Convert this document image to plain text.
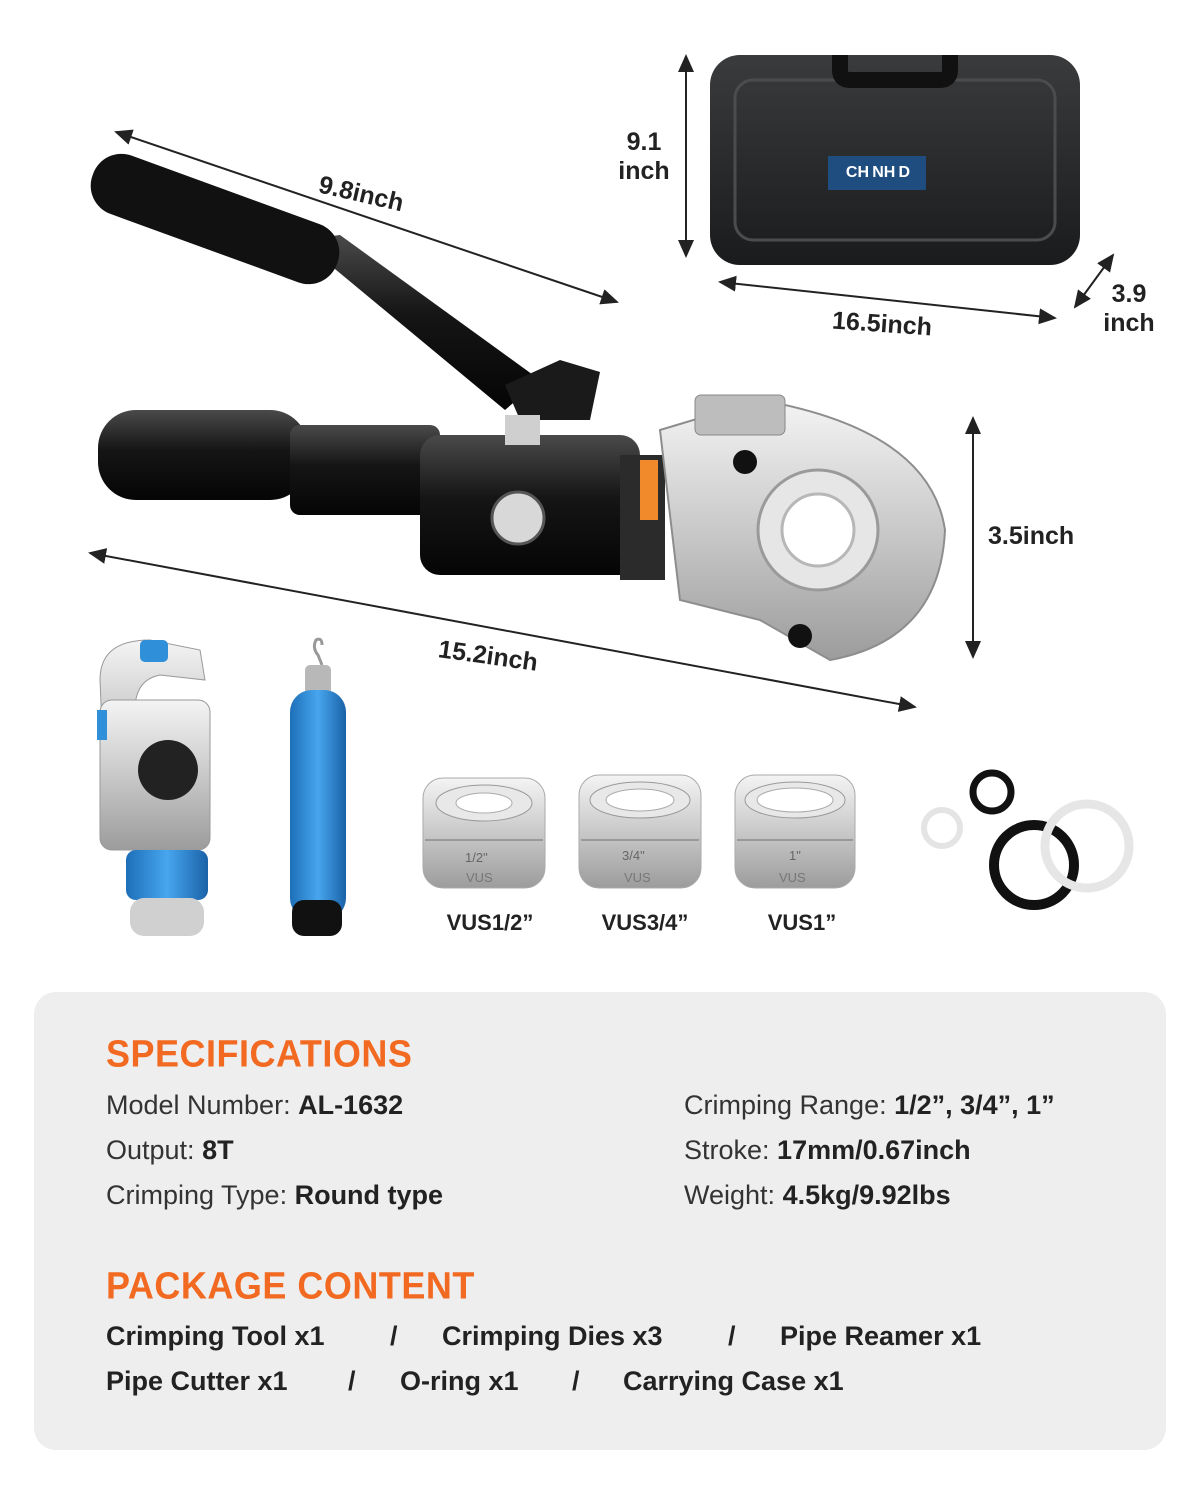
9.8inch
9.1
inch
16.5inch
3.9
inch
15.2inch
3.5inch
CH NH D
1/2"
VUS
3/4"
VUS
1"
VUS
VUS1/2”	VUS3/4”	VUS1”
SPECIFICATIONS
Model Number: AL-1632
Output: 8T
Crimping Type: Round type
Crimping Range: 1/2”, 3/4”, 1”
Stroke: 17mm/0.67inch
Weight: 4.5kg/9.92lbs
PACKAGE CONTENT
Crimping Tool x1 / Crimping Dies x3 / Pipe Reamer x1
Pipe Cutter x1 / O-ring x1 / Carrying Case x1
